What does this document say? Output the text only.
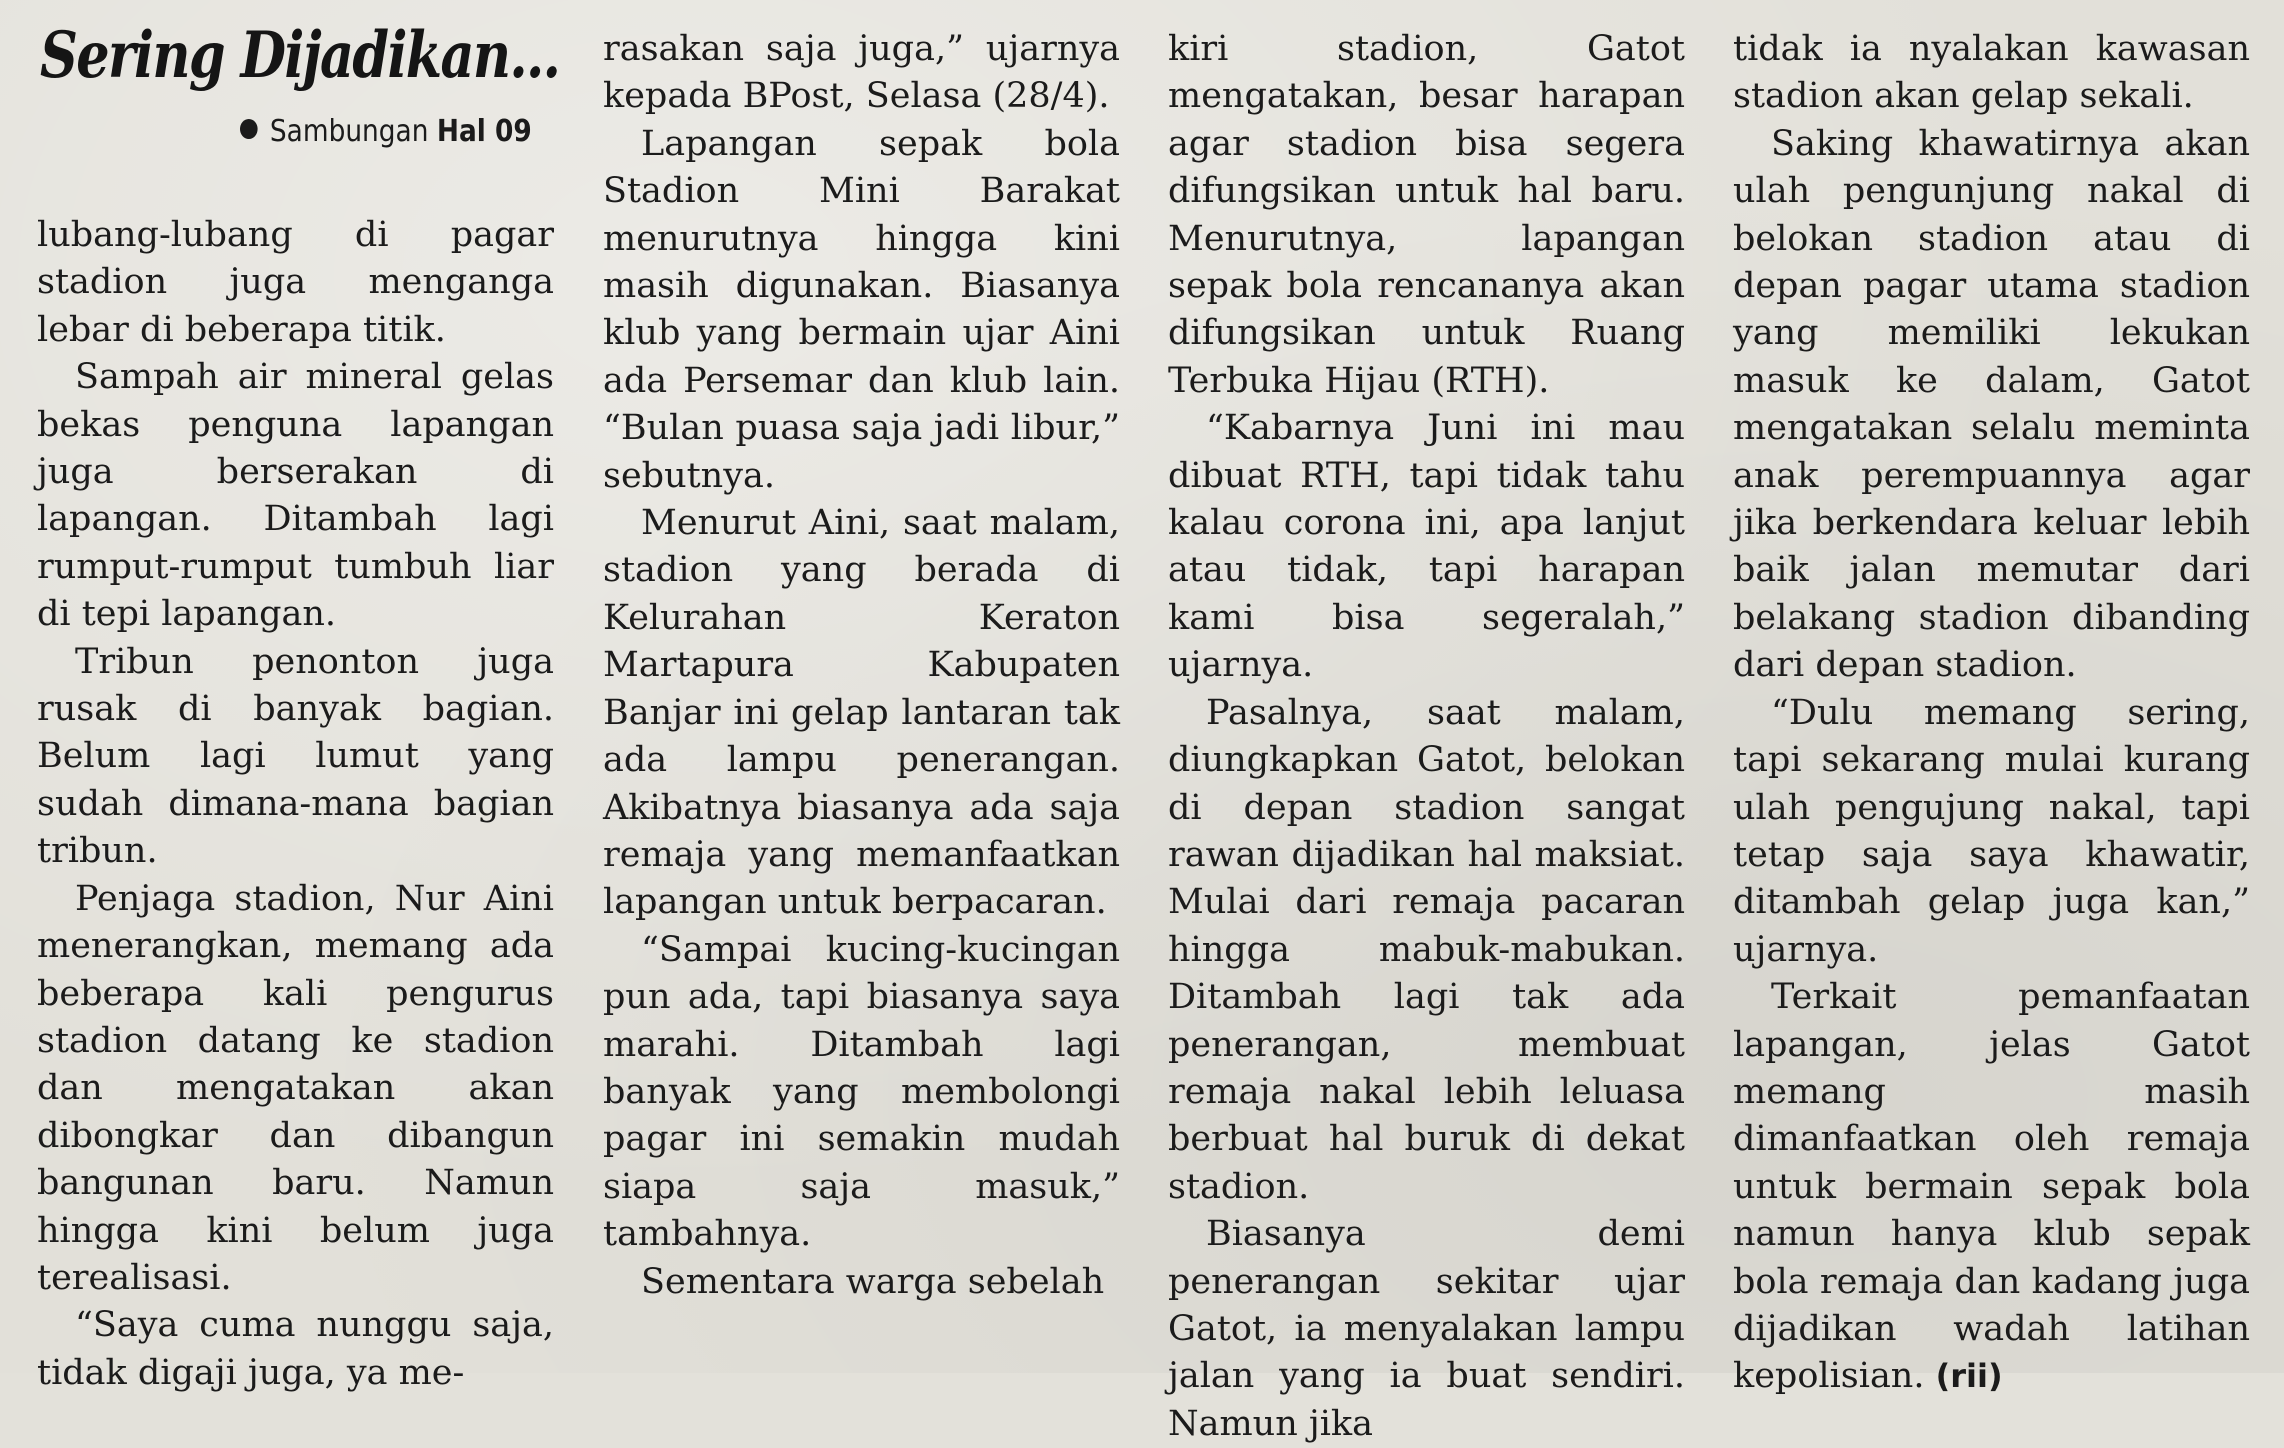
Sering Dijadikan...
Sambungan Hal 09

lubang-lubang di pagar stadion juga menganga lebar di beberapa titik.

Sampah air mineral gelas bekas penguna lapangan juga berserakan di lapangan. Ditambah lagi rumput-rumput tumbuh liar di tepi lapangan.

Tribun penonton juga rusak di banyak bagian. Belum lagi lumut yang sudah dimana-mana bagian tribun.

Penjaga stadion, Nur Aini menerangkan, memang ada beberapa kali pengurus stadion datang ke stadion dan mengatakan akan dibongkar dan dibangun bangunan baru. Namun hingga kini belum juga terealisasi.

“Saya cuma nunggu saja, tidak digaji juga, ya me-

rasakan saja juga,” ujarnya kepada BPost, Selasa (28/4).

Lapangan sepak bola Stadion Mini Barakat menurutnya hingga kini masih digunakan. Biasanya klub yang bermain ujar Aini ada Persemar dan klub lain. “Bulan puasa saja jadi libur,” sebutnya.

Menurut Aini, saat malam, stadion yang berada di Kelurahan Keraton Martapura Kabupaten Banjar ini gelap lantaran tak ada lampu penerangan. Akibatnya biasanya ada saja remaja yang memanfaatkan lapangan untuk berpacaran.

“Sampai kucing-kucingan pun ada, tapi biasanya saya marahi. Ditambah lagi banyak yang membolongi pagar ini semakin mudah siapa saja masuk,” tambahnya.

Sementara warga sebelah

kiri stadion, Gatot mengatakan, besar harapan agar stadion bisa segera difungsikan untuk hal baru. Menurutnya, lapangan sepak bola rencananya akan difungsikan untuk Ruang Terbuka Hijau (RTH).

“Kabarnya Juni ini mau dibuat RTH, tapi tidak tahu kalau corona ini, apa lanjut atau tidak, tapi harapan kami bisa segeralah,” ujarnya.

Pasalnya, saat malam, diungkapkan Gatot, belokan di depan stadion sangat rawan dijadikan hal maksiat. Mulai dari remaja pacaran hingga mabuk-mabukan. Ditambah lagi tak ada penerangan, membuat remaja nakal lebih leluasa berbuat hal buruk di dekat stadion.

Biasanya demi penerangan sekitar ujar Gatot, ia menyalakan lampu jalan yang ia buat sendiri. Namun jika

tidak ia nyalakan kawasan stadion akan gelap sekali.

Saking khawatirnya akan ulah pengunjung nakal di belokan stadion atau di depan pagar utama stadion yang memiliki lekukan masuk ke dalam, Gatot mengatakan selalu meminta anak perempuannya agar jika berkendara keluar lebih baik jalan memutar dari belakang stadion dibanding dari depan stadion.

“Dulu memang sering, tapi sekarang mulai kurang ulah pengujung nakal, tapi tetap saja saya khawatir, ditambah gelap juga kan,” ujarnya.

Terkait pemanfaatan lapangan, jelas Gatot memang masih dimanfaatkan oleh remaja untuk bermain sepak bola namun hanya klub sepak bola remaja dan kadang juga dijadikan wadah latihan kepolisian. (rii)
